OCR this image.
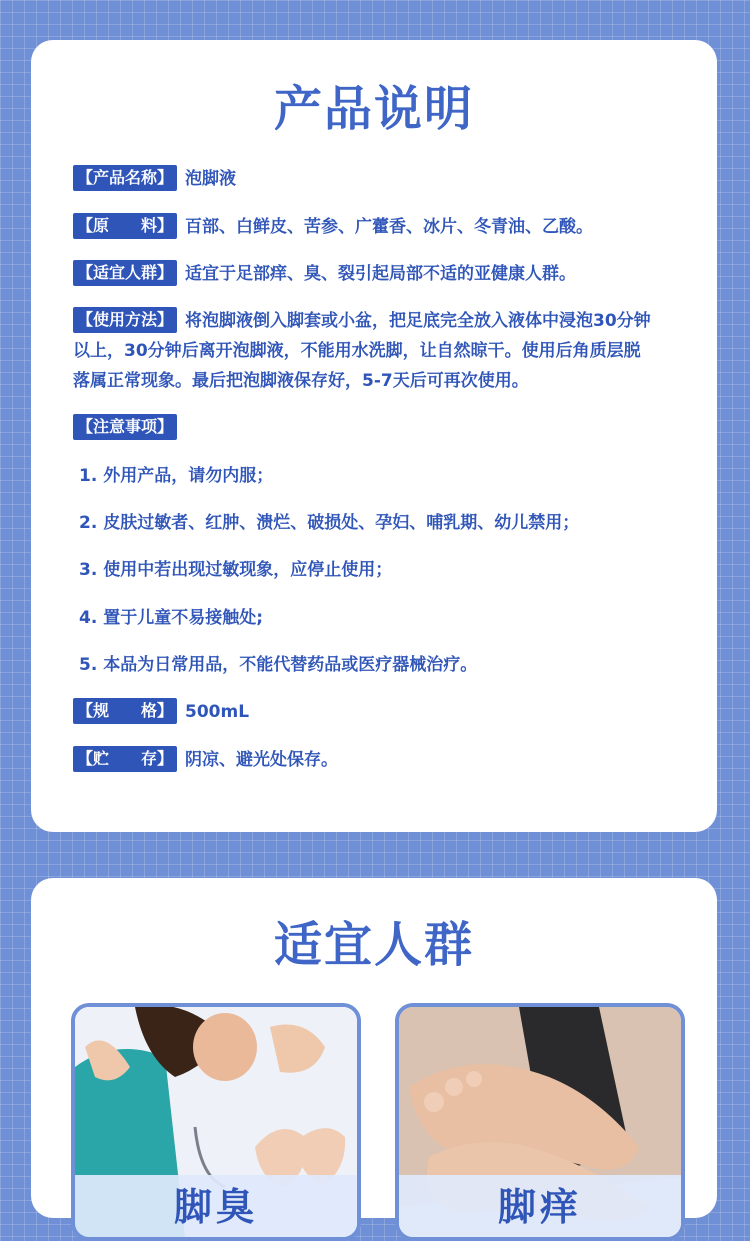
产品说明
【产品名称】 泡脚液
【原　　料】 百部、白鲜皮、苦参、广藿香、冰片、冬青油、乙酸。
【适宜人群】 适宜于足部痒、臭、裂引起局部不适的亚健康人群。
【使用方法】 将泡脚液倒入脚套或小盆，把足底完全放入液体中浸泡30分钟
以上，30分钟后离开泡脚液，不能用水洗脚，让自然晾干。使用后角质层脱
落属正常现象。最后把泡脚液保存好，5-7天后可再次使用。
【注意事项】
1. 外用产品，请勿内服；
2. 皮肤过敏者、红肿、溃烂、破损处、孕妇、哺乳期、幼儿禁用；
3. 使用中若出现过敏现象，应停止使用；
4. 置于儿童不易接触处;
5. 本品为日常用品，不能代替药品或医疗器械治疗。
【规　　格】 500mL
【贮　　存】 阴凉、避光处保存。
适宜人群
脚臭	脚痒
